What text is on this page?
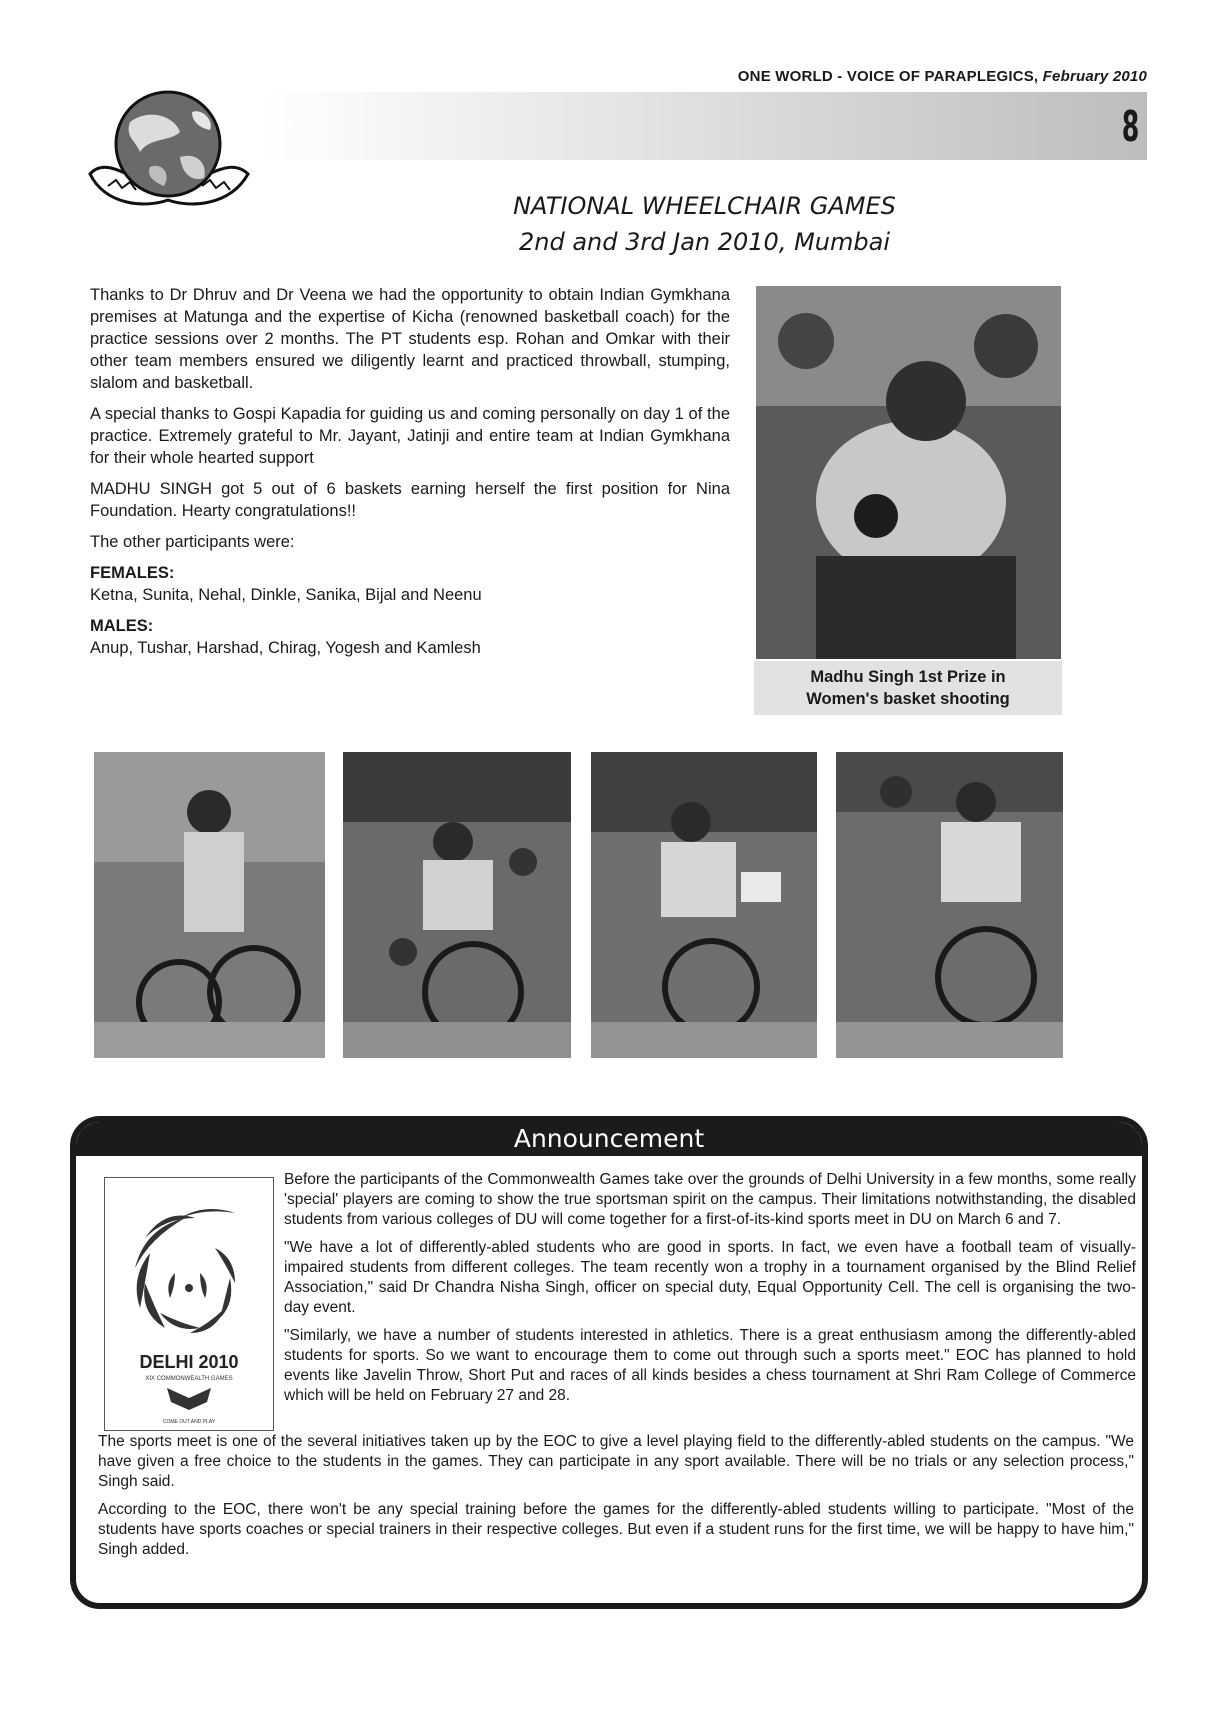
ONE WORLD - VOICE OF PARAPLEGICS, February 2010
8
NATIONAL WHEELCHAIR GAMES
2nd and 3rd Jan 2010, Mumbai

Thanks to Dr Dhruv and Dr Veena we had the opportunity to obtain Indian Gymkhana premises at Matunga and the expertise of Kicha (renowned basketball coach) for the practice sessions over 2 months. The PT students esp. Rohan and Omkar with their other team members ensured we diligently learnt and practiced throwball, stumping, slalom and basketball.

A special thanks to Gospi Kapadia for guiding us and coming personally on day 1 of the practice. Extremely grateful to Mr. Jayant, Jatinji and entire team at Indian Gymkhana for their whole hearted support

MADHU SINGH got 5 out of 6 baskets earning herself the first position for Nina Foundation. Hearty congratulations!!

The other participants were:

FEMALES:
Ketna, Sunita, Nehal, Dinkle, Sanika, Bijal and Neenu
MALES:
Anup, Tushar, Harshad, Chirag, Yogesh and Kamlesh
Madhu Singh 1st Prize in
Women's basket shooting
Announcement
DELHI 2010
XIX COMMONWEALTH GAMES
COME OUT AND PLAY

Before the participants of the Commonwealth Games take over the grounds of Delhi University in a few months, some really 'special' players are coming to show the true sportsman spirit on the campus. Their limitations notwithstanding, the disabled students from various colleges of DU will come together for a first-of-its-kind sports meet in DU on March 6 and 7.

"We have a lot of differently-abled students who are good in sports. In fact, we even have a football team of visually-impaired students from different colleges. The team recently won a trophy in a tournament organised by the Blind Relief Association," said Dr Chandra Nisha Singh, officer on special duty, Equal Opportunity Cell. The cell is organising the two-day event.

"Similarly, we have a number of students interested in athletics. There is a great enthusiasm among the differently-abled students for sports. So we want to encourage them to come out through such a sports meet." EOC has planned to hold events like Javelin Throw, Short Put and races of all kinds besides a chess tournament at Shri Ram College of Commerce which will be held on February 27 and 28.

The sports meet is one of the several initiatives taken up by the EOC to give a level playing field to the differently-abled students on the campus. "We have given a free choice to the students in the games. They can participate in any sport available. There will be no trials or any selection process," Singh said.

According to the EOC, there won't be any special training before the games for the differently-abled students willing to participate. "Most of the students have sports coaches or special trainers in their respective colleges. But even if a student runs for the first time, we will be happy to have him," Singh added.
